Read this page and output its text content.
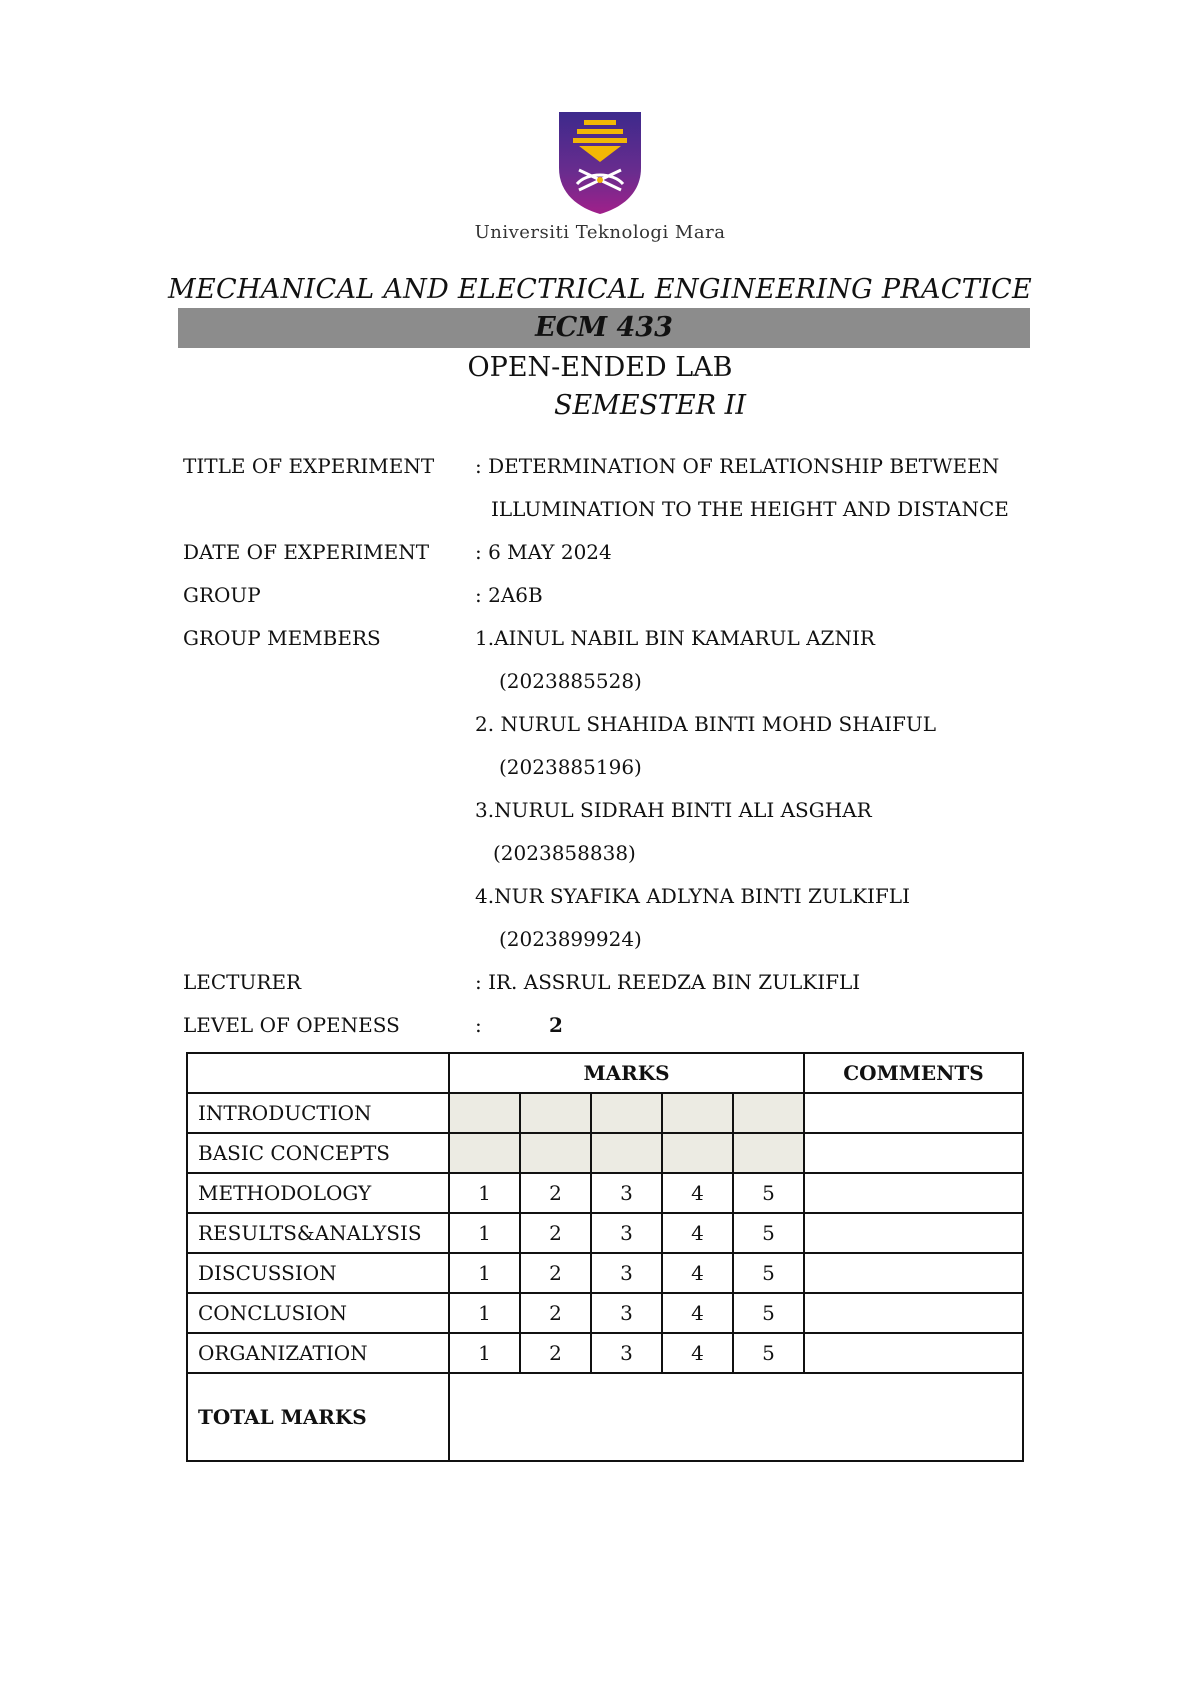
Universiti Teknologi Mara
MECHANICAL AND ELECTRICAL ENGINEERING PRACTICE
ECM 433
OPEN-ENDED LAB
SEMESTER II
TITLE OF EXPERIMENT : DETERMINATION OF RELATIONSHIP BETWEEN
ILLUMINATION TO THE HEIGHT AND DISTANCE
DATE OF EXPERIMENT : 6 MAY 2024
GROUP	: 2A6B
GROUP MEMBERS	1.AINUL NABIL BIN KAMARUL AZNIR
(2023885528)
2. NURUL SHAHIDA BINTI MOHD SHAIFUL
(2023885196)
3.NURUL SIDRAH BINTI ALI ASGHAR
(2023858838)
4.NUR SYAFIKA ADLYNA BINTI ZULKIFLI
(2023899924)
LECTURER	: IR. ASSRUL REEDZA BIN ZULKIFLI
LEVEL OF OPENESS	:	2
	MARKS					COMMENTS
INTRODUCTION						
BASIC CONCEPTS						
METHODOLOGY	1	2	3	4	5	
RESULTS&ANALYSIS	1	2	3	4	5	
DISCUSSION	1	2	3	4	5	
CONCLUSION	1	2	3	4	5	
ORGANIZATION	1	2	3	4	5	
TOTAL MARKS						
